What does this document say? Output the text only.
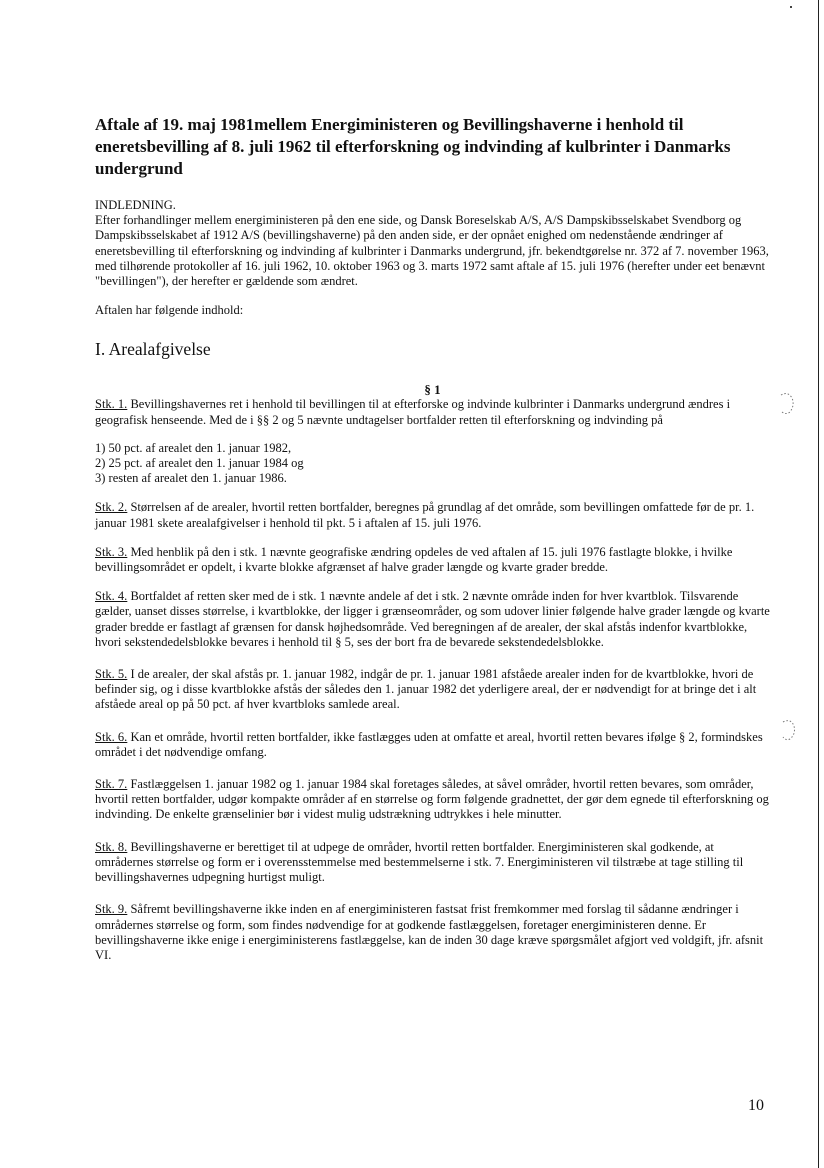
Aftale af 19. maj 1981mellem Energiministeren og Bevillingshaverne i henhold til eneretsbevilling af 8. juli 1962 til efterforskning og indvinding af kulbrinter i Danmarks undergrund

INDLEDNING.

Efter forhandlinger mellem energiministeren på den ene side, og Dansk Boreselskab A/S, A/S Dampskibsselskabet Svendborg og Dampskibsselskabet af 1912 A/S (bevillingshaverne) på den anden side, er der opnået enighed om nedenstående ændringer af eneretsbevilling til efterforskning og indvinding af kulbrinter i Danmarks undergrund, jfr. bekendtgørelse nr. 372 af 7. november 1963, med tilhørende protokoller af 16. juli 1962, 10. oktober 1963 og 3. marts 1972 samt aftale af 15. juli 1976 (herefter under eet benævnt "bevillingen"), der herefter er gældende som ændret.

Aftalen har følgende indhold:

I. Arealafgivelse

§ 1

Stk. 1. Bevillingshavernes ret i henhold til bevillingen til at efterforske og indvinde kulbrinter i Danmarks undergrund ændres i geografisk henseende. Med de i §§ 2 og 5 nævnte undtagelser bortfalder retten til efterforskning og indvinding på

1) 50 pct. af arealet den 1. januar 1982,
2) 25 pct. af arealet den 1. januar 1984 og
3) resten af arealet den 1. januar 1986.

Stk. 2. Størrelsen af de arealer, hvortil retten bortfalder, beregnes på grundlag af det område, som bevillingen omfattede før de pr. 1. januar 1981 skete arealafgivelser i henhold til pkt. 5 i aftalen af 15. juli 1976.

Stk. 3. Med henblik på den i stk. 1 nævnte geografiske ændring opdeles de ved aftalen af 15. juli 1976 fastlagte blokke, i hvilke bevillingsområdet er opdelt, i kvarte blokke afgrænset af halve grader længde og kvarte grader bredde.

Stk. 4. Bortfaldet af retten sker med de i stk. 1 nævnte andele af det i stk. 2 nævnte område inden for hver kvartblok. Tilsvarende gælder, uanset disses størrelse, i kvartblokke, der ligger i grænseområder, og som udover linier følgende halve grader længde og kvarte grader bredde er fastlagt af grænsen for dansk højhedsområde. Ved beregningen af de arealer, der skal afstås indenfor kvartblokke, hvori sekstendedelsblokke bevares i henhold til § 5, ses der bort fra de bevarede sekstendedelsblokke.

Stk. 5. I de arealer, der skal afstås pr. 1. januar 1982, indgår de pr. 1. januar 1981 afståede arealer inden for de kvartblokke, hvori de befinder sig, og i disse kvartblokke afstås der således den 1. januar 1982 det yderligere areal, der er nødvendigt for at bringe det i alt afståede areal op på 50 pct. af hver kvartbloks samlede areal.

Stk. 6. Kan et område, hvortil retten bortfalder, ikke fastlægges uden at omfatte et areal, hvortil retten bevares ifølge § 2, formindskes området i det nødvendige omfang.

Stk. 7. Fastlæggelsen 1. januar 1982 og 1. januar 1984 skal foretages således, at såvel områder, hvortil retten bevares, som områder, hvortil retten bortfalder, udgør kompakte områder af en størrelse og form følgende gradnettet, der gør dem egnede til efterforskning og indvinding. De enkelte grænselinier bør i videst mulig udstrækning udtrykkes i hele minutter.

Stk. 8. Bevillingshaverne er berettiget til at udpege de områder, hvortil retten bortfalder. Energiministeren skal godkende, at områdernes størrelse og form er i overensstemmelse med bestemmelserne i stk. 7. Energiministeren vil tilstræbe at tage stilling til bevillingshavernes udpegning hurtigst muligt.

Stk. 9. Såfremt bevillingshaverne ikke inden en af energiministeren fastsat frist fremkommer med forslag til sådanne ændringer i områdernes størrelse og form, som findes nødvendige for at godkende fastlæggelsen, foretager energiministeren denne. Er bevillingshaverne ikke enige i energiministerens fastlæggelse, kan de inden 30 dage kræve spørgsmålet afgjort ved voldgift, jfr. afsnit VI.

10
